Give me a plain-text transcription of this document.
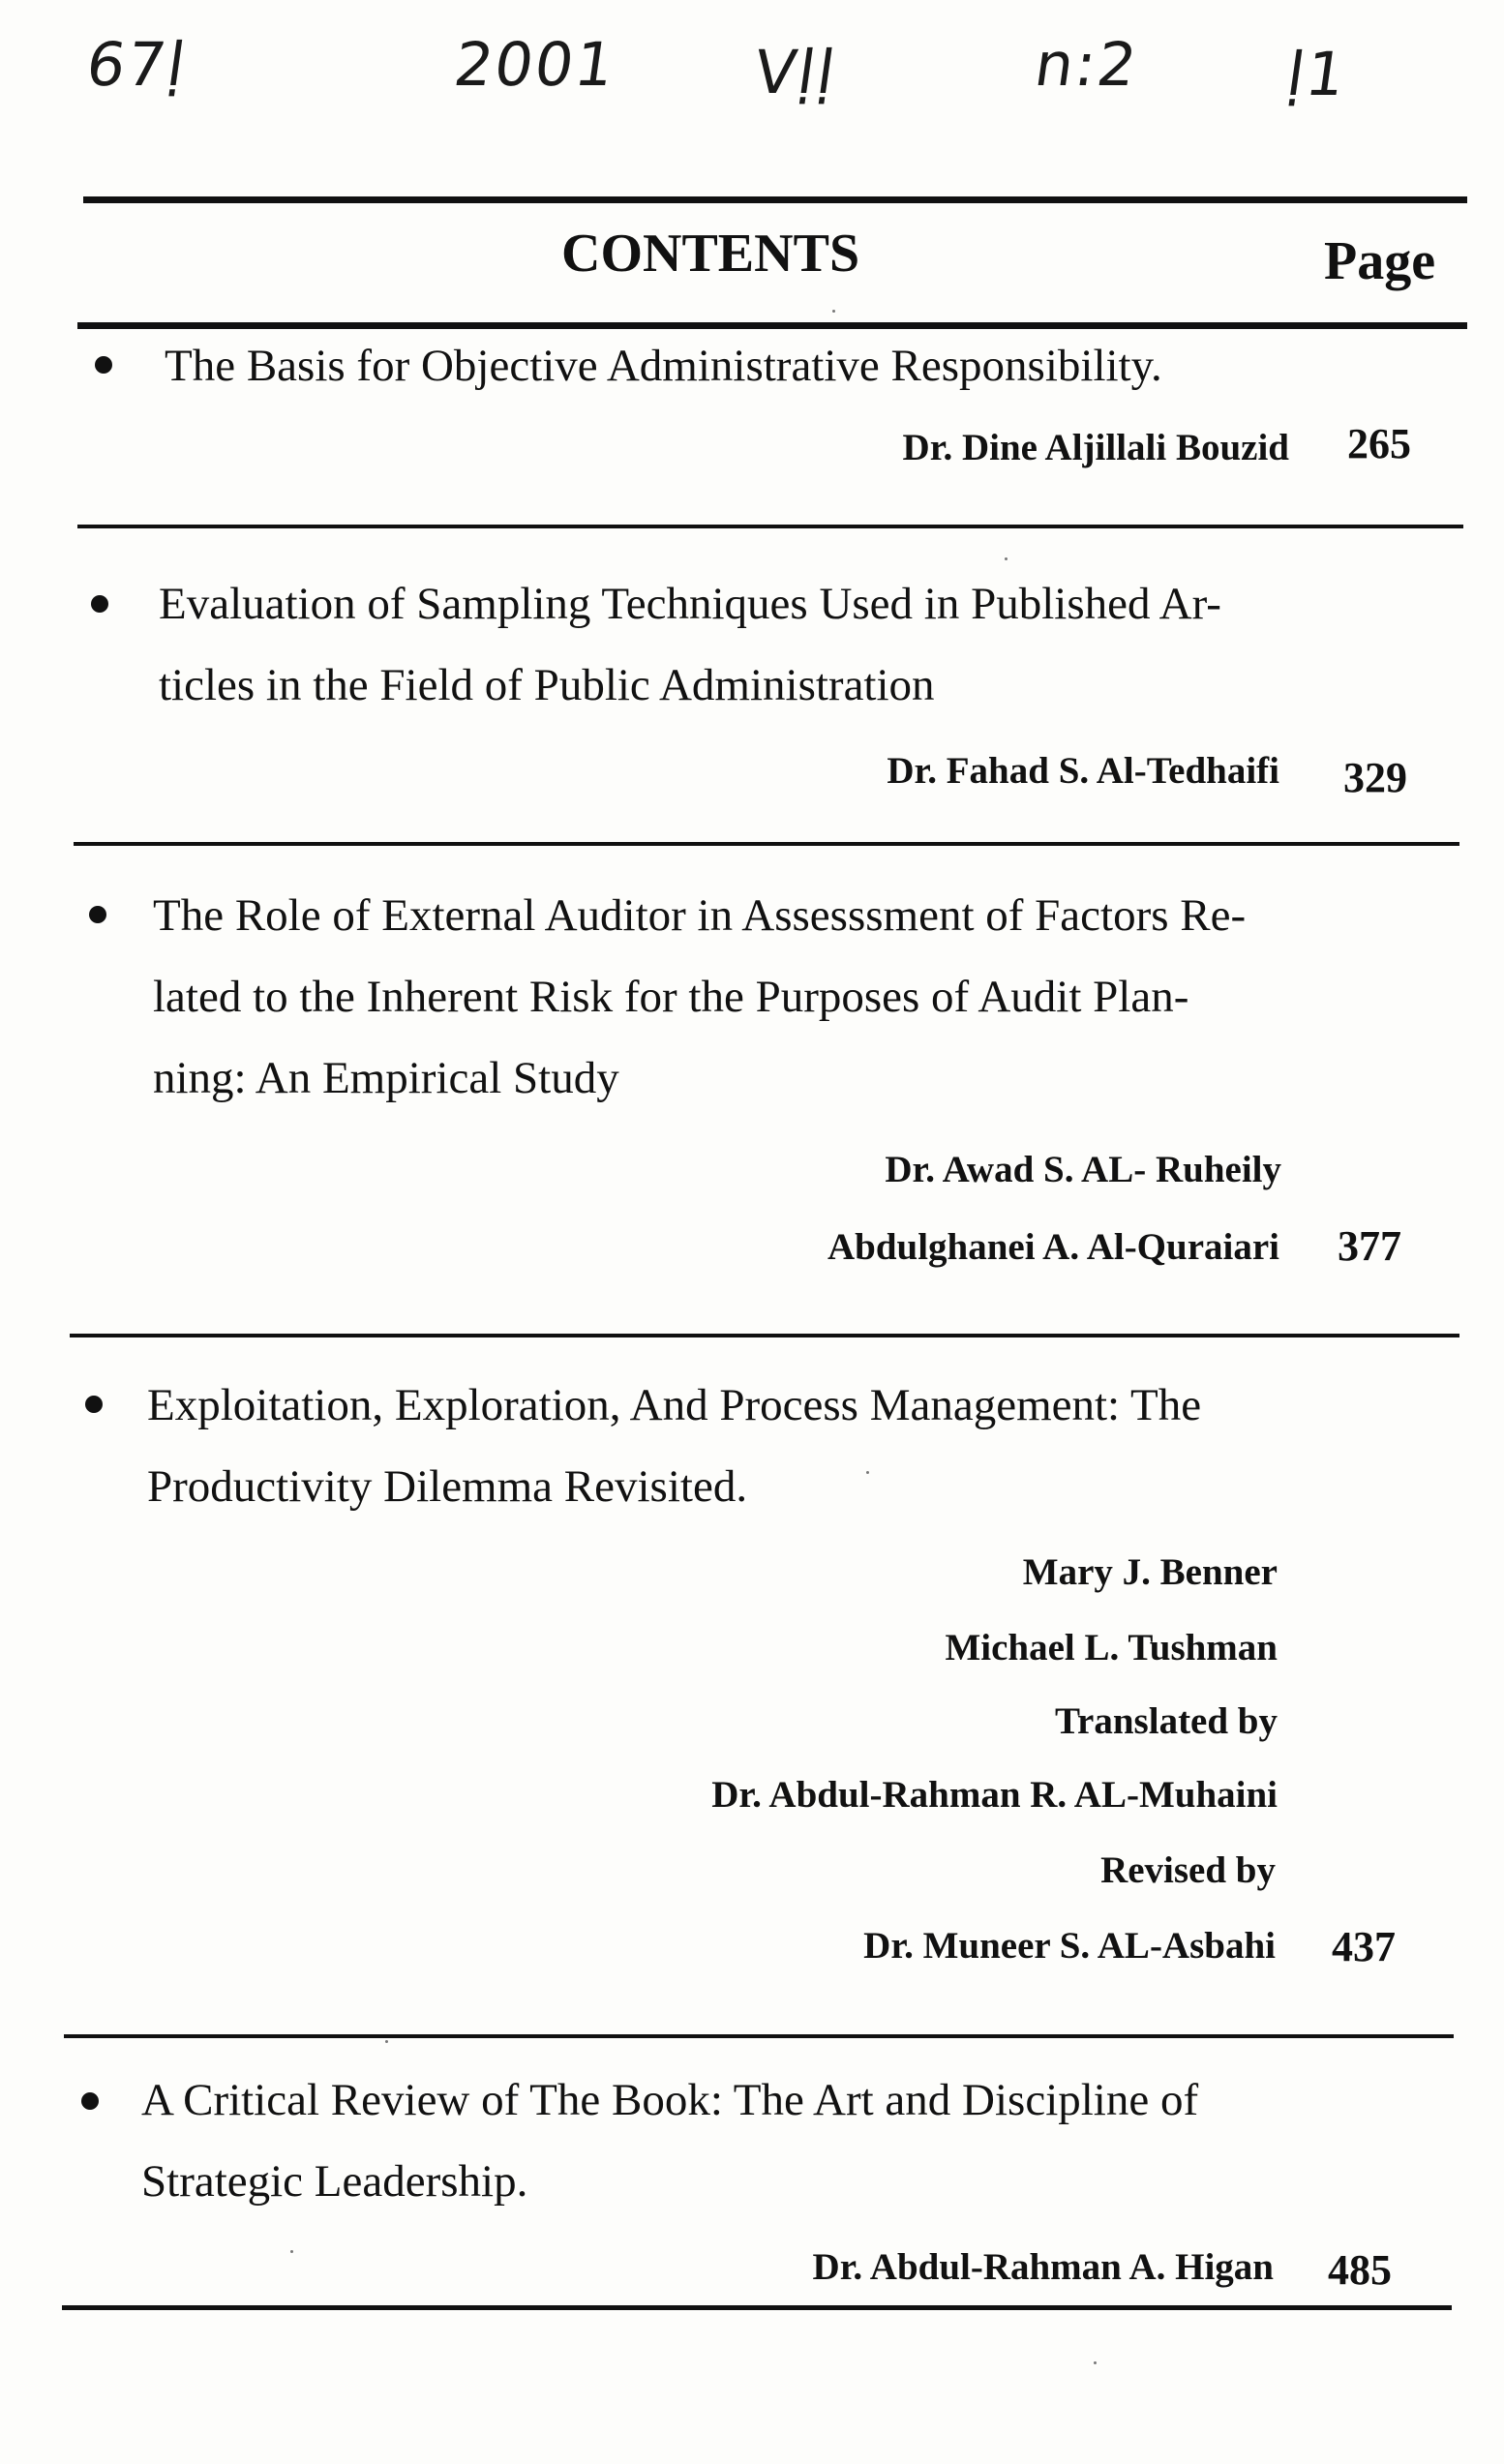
67ḷ	2001 Vḷḷ	n:2 ḷ1
CONTENTS	Page
The Basis for Objective Administrative Responsibility.
Dr. Dine Aljillali Bouzid 265
Evaluation of Sampling Techniques Used in Published Ar-
ticles in the Field of Public Administration
Dr. Fahad S. Al-Tedhaifi 329
The Role of External Auditor in Assesssment of Factors Re-
lated to the Inherent Risk for the Purposes of Audit Plan-
ning: An Empirical Study
Dr. Awad S. AL- Ruheily
Abdulghanei A. Al-Quraiari 377
Exploitation, Exploration, And Process Management: The
Productivity Dilemma Revisited.
Mary J. Benner
Michael L. Tushman
Translated by
Dr. Abdul-Rahman R. AL-Muhaini
Revised by
Dr. Muneer S. AL-Asbahi 437
A Critical Review of The Book: The Art and Discipline of
Strategic Leadership.
Dr. Abdul-Rahman A. Higan 485
